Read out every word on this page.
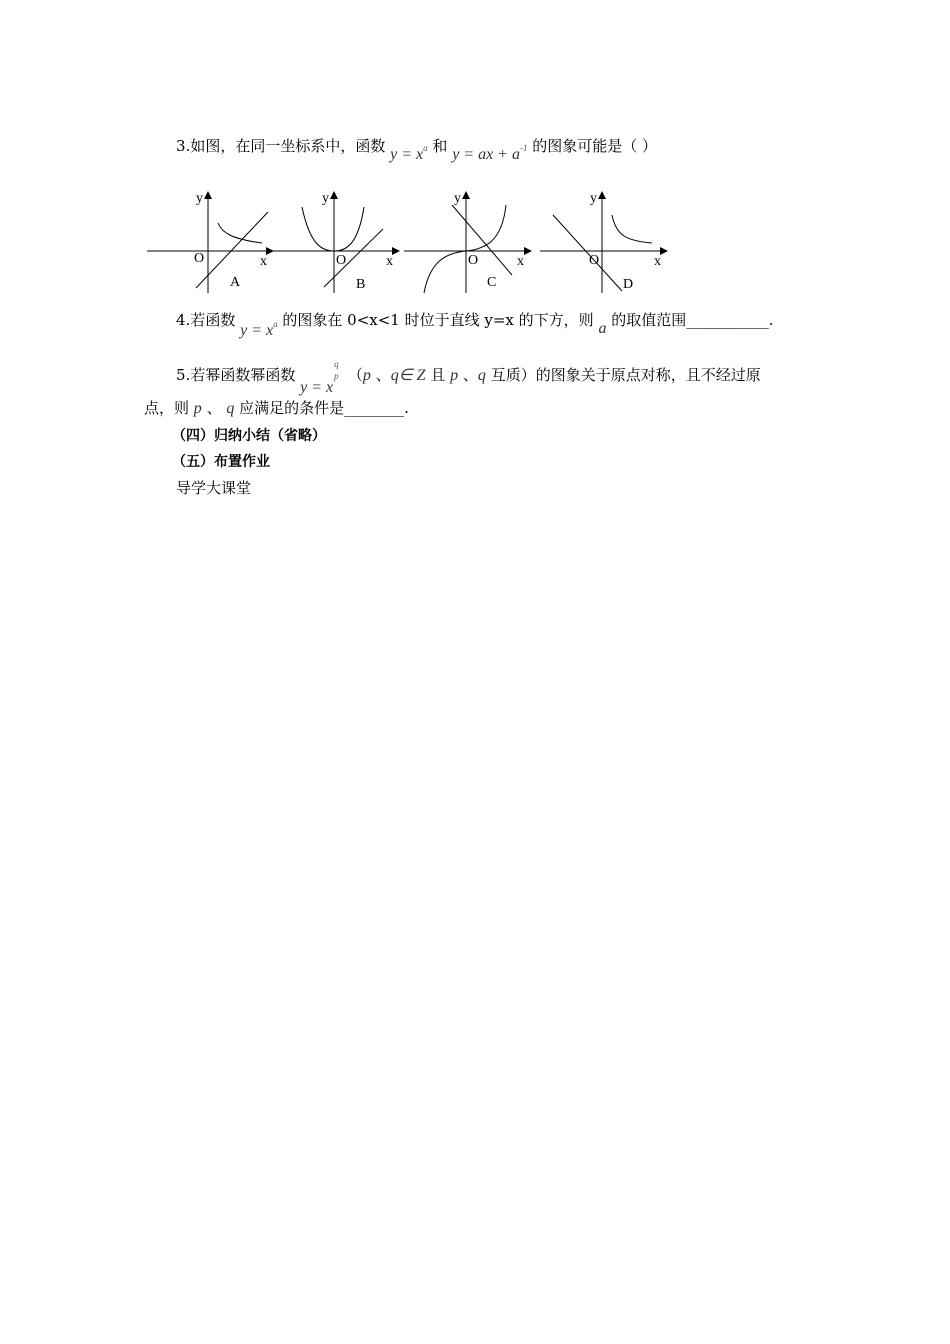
3.如图，在同一坐标系中，函数 $y = x^a$ 和 y = ax + $a^{-1}$ 的图象可能是（ ）
y
x
O
A
y
x
O
B
y
x
O
C
y
x
O
D
4.若函数 $y = x^a$ 的图象在 0<x<1 时位于直线 y=x 的下方，则 a 的取值范围___________.
5.若幂函数幂函数 y = x
q
p （p 、q∈ Z 且 p 、q 互质）的图象关于原点对称，且不经过原
点，则 p 、 q 应满足的条件是________.
（四）归纳小结（省略）
（五）布置作业
导学大课堂
